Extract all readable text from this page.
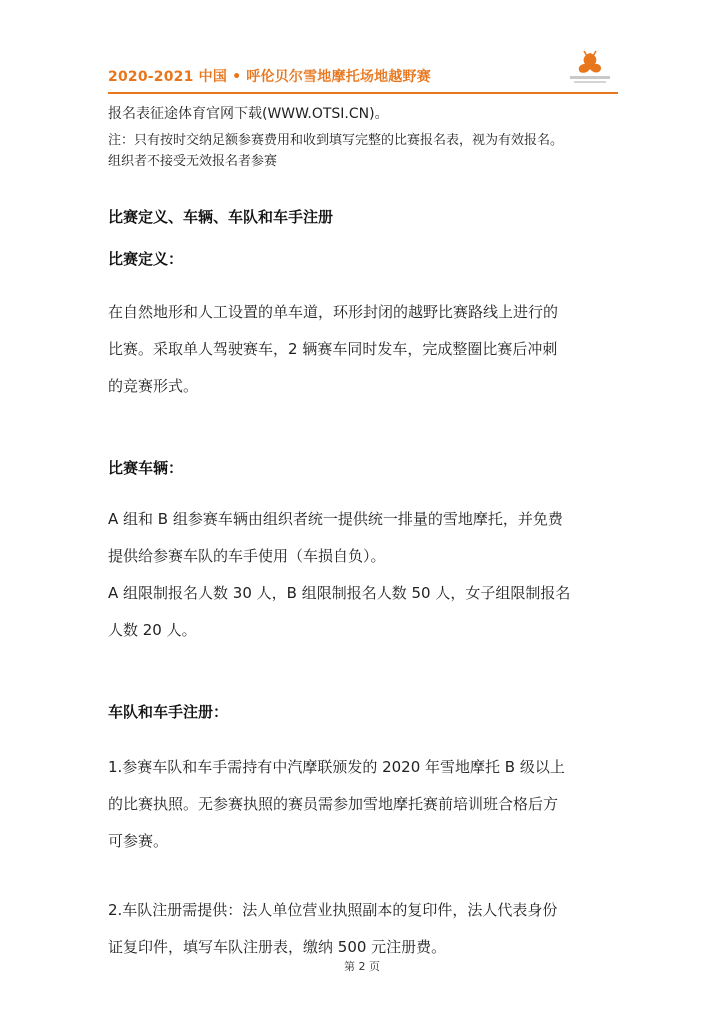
2020-2021 中国 • 呼伦贝尔雪地摩托场地越野赛
报名表征途体育官网下载(WWW.OTSI.CN)。
注：只有按时交纳足额参赛费用和收到填写完整的比赛报名表，视为有效报名。
组织者不接受无效报名者参赛
比赛定义、车辆、车队和车手注册
比赛定义：
在自然地形和人工设置的单车道，环形封闭的越野比赛路线上进行的
比赛。采取单人驾驶赛车，2 辆赛车同时发车，完成整圈比赛后冲刺
的竞赛形式。
比赛车辆：
A 组和 B 组参赛车辆由组织者统一提供统一排量的雪地摩托，并免费
提供给参赛车队的车手使用（车损自负）。
A 组限制报名人数 30 人，B 组限制报名人数 50 人，女子组限制报名
人数 20 人。
车队和车手注册：
1.参赛车队和车手需持有中汽摩联颁发的 2020 年雪地摩托 B 级以上
的比赛执照。无参赛执照的赛员需参加雪地摩托赛前培训班合格后方
可参赛。
2.车队注册需提供：法人单位营业执照副本的复印件，法人代表身份
证复印件，填写车队注册表，缴纳 500 元注册费。
第 2 页
